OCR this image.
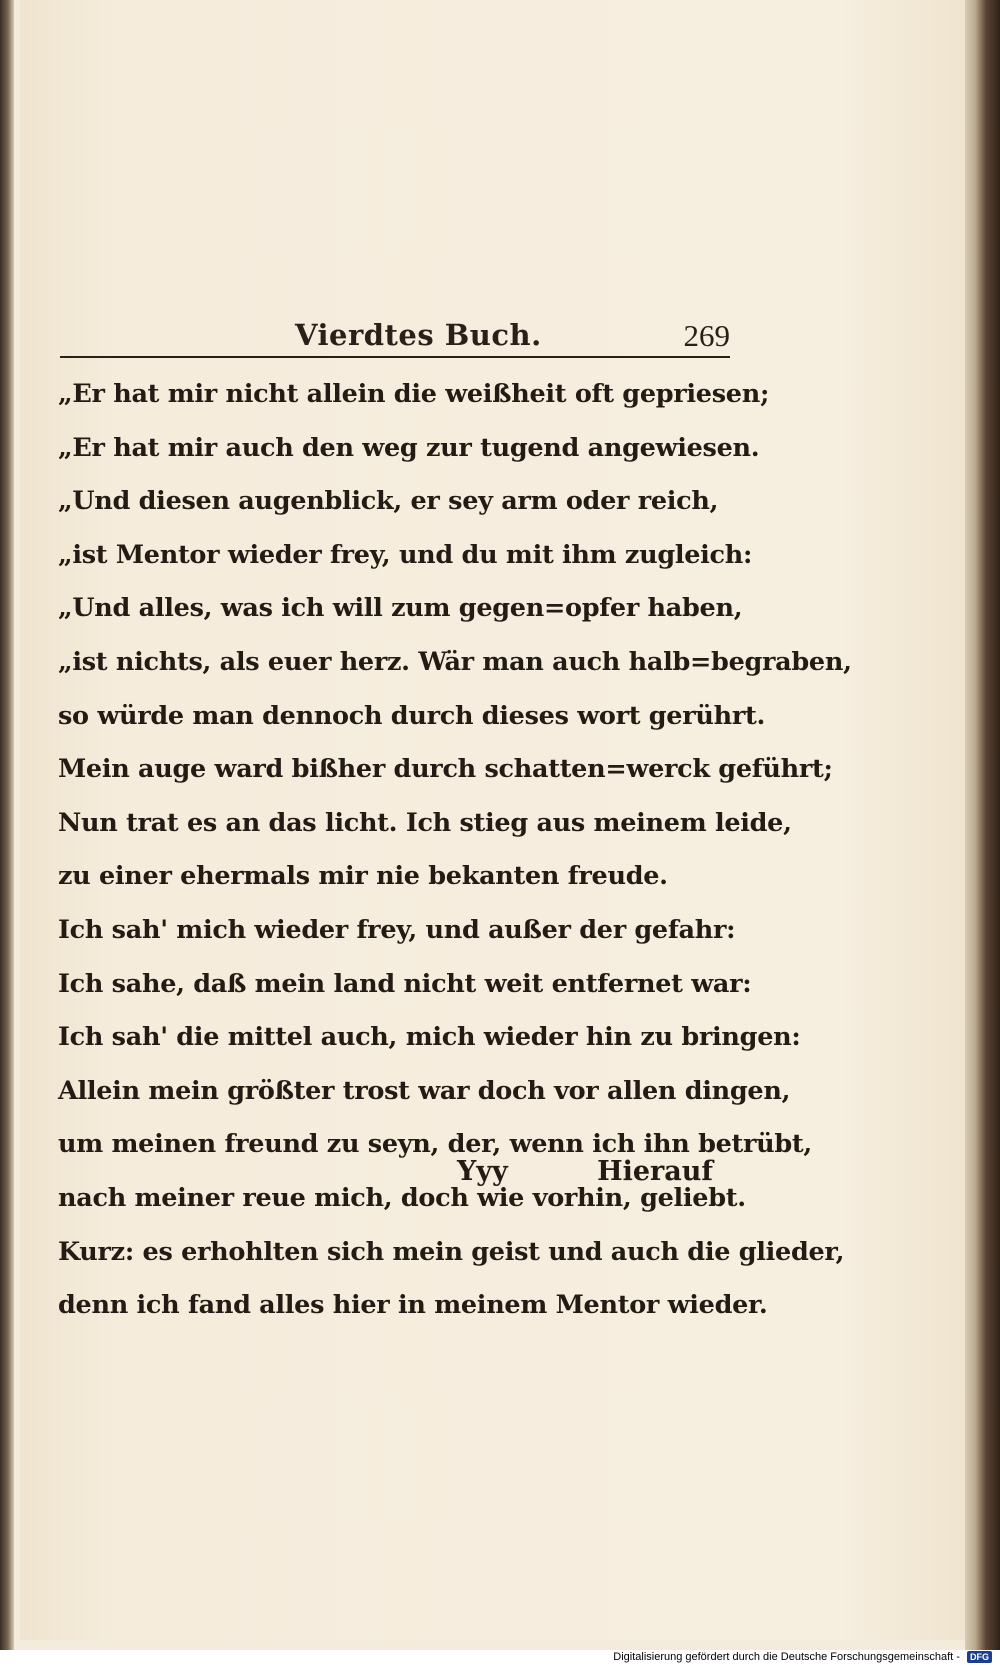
Vierdtes Buch.	269
„Er hat mir nicht allein die weißheit oft gepriesen;
„Er hat mir auch den weg zur tugend angewiesen.
„Und diesen augenblick, er sey arm oder reich,
„ist Mentor wieder frey, und du mit ihm zugleich:
„Und alles, was ich will zum gegen=opfer haben,
„ist nichts, als euer herz. Wär man auch halb=begraben,
so würde man dennoch durch dieses wort gerührt.
Mein auge ward bißher durch schatten=werck geführt;
Nun trat es an das licht. Ich stieg aus meinem leide,
zu einer ehermals mir nie bekanten freude.
Ich sah' mich wieder frey, und außer der gefahr:
Ich sahe, daß mein land nicht weit entfernet war:
Ich sah' die mittel auch, mich wieder hin zu bringen:
Allein mein größter trost war doch vor allen dingen,
um meinen freund zu seyn, der, wenn ich ihn betrübt,
nach meiner reue mich, doch wie vorhin, geliebt.
Kurz: es erhohlten sich mein geist und auch die glieder,
denn ich fand alles hier in meinem Mentor wieder.
Yyy	Hierauf
Digitalisierung gefördert durch die Deutsche Forschungsgemeinschaft - DFG
